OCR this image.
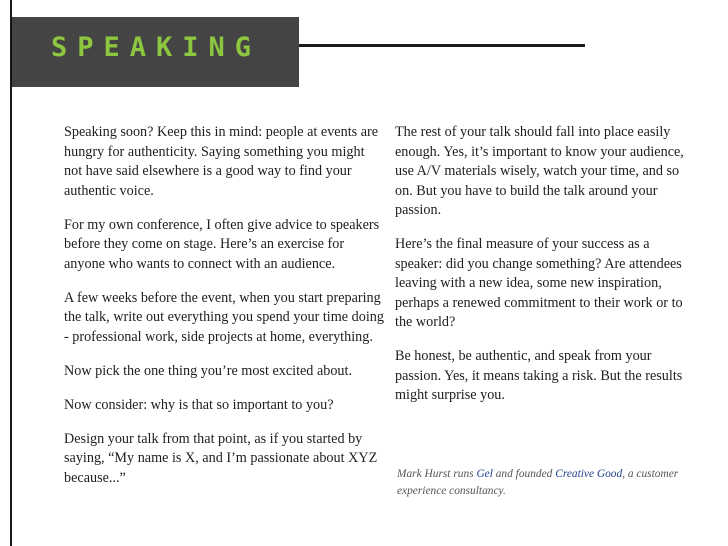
SPEAKING

Speaking soon? Keep this in mind: people at events are hungry for authenticity. Saying something you might not have said elsewhere is a good way to find your authentic voice.

For my own conference, I often give advice to speakers before they come on stage. Here’s an exercise for anyone who wants to connect with an audience.

A few weeks before the event, when you start preparing the talk, write out everything you spend your time doing - professional work, side projects at home, everything.

Now pick the one thing you’re most excited about.

Now consider: why is that so important to you?

Design your talk from that point, as if you started by saying, “My name is X, and I’m passionate about XYZ because...”

The rest of your talk should fall into place easily enough. Yes, it’s important to know your audience, use A/V materials wisely, watch your time, and so on. But you have to build the talk around your passion.

Here’s the final measure of your success as a speaker: did you change something? Are attendees leaving with a new idea, some new inspiration, perhaps a renewed commitment to their work or to the world?

Be honest, be authentic, and speak from your passion. Yes, it means taking a risk. But the results might surprise you.

Mark Hurst runs Gel and founded Creative Good, a customer experience consultancy.
